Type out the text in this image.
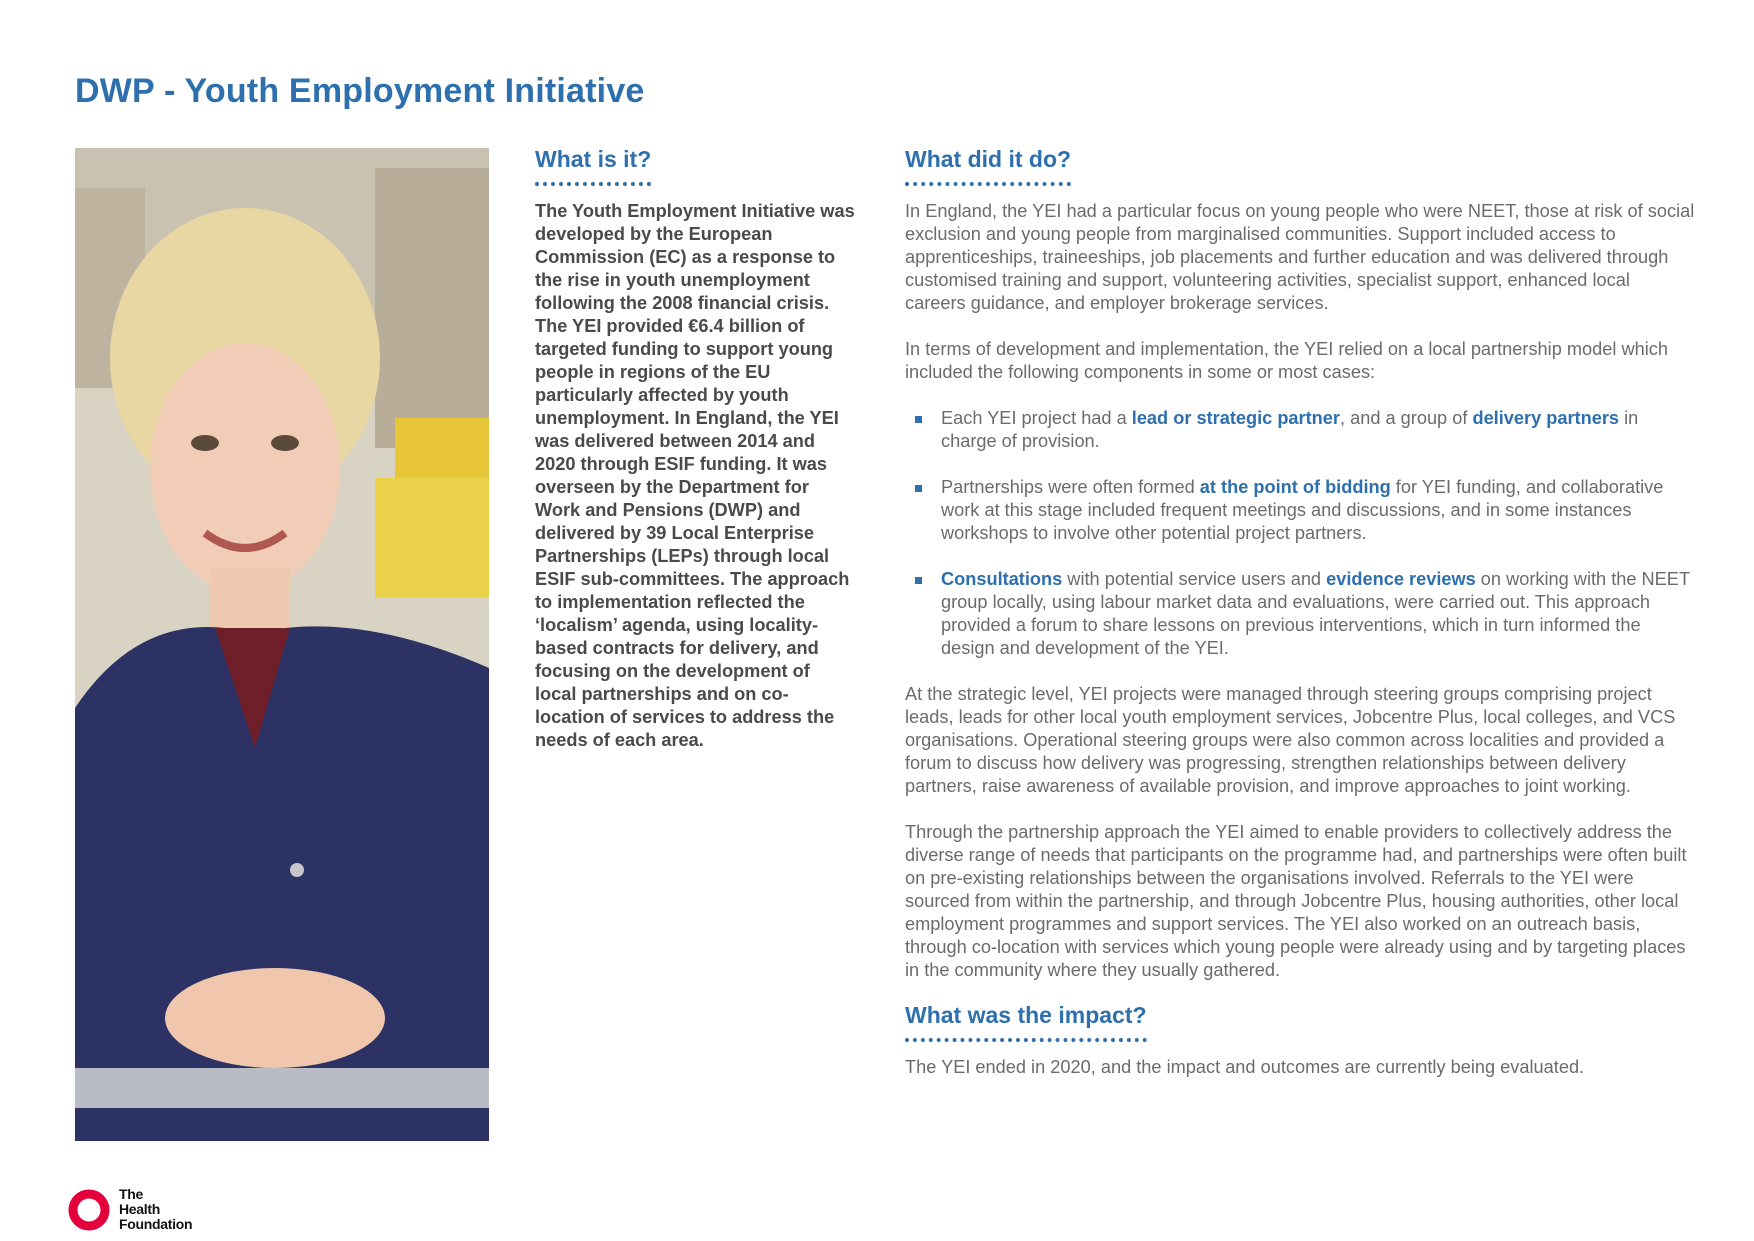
DWP - Youth Employment Initiative
What is it?

The Youth Employment Initiative was developed by the European Commission (EC) as a response to the rise in youth unemployment following the 2008 financial crisis. The YEI provided €6.4 billion of targeted funding to support young people in regions of the EU particularly affected by youth unemployment. In England, the YEI was delivered between 2014 and 2020 through ESIF funding. It was overseen by the Department for Work and Pensions (DWP) and delivered by 39 Local Enterprise Partnerships (LEPs) through local ESIF sub-committees. The approach to implementation reflected the ‘localism’ agenda, using locality-based contracts for delivery, and focusing on the development of local partnerships and on co-location of services to address the needs of each area.

What did it do?

In England, the YEI had a particular focus on young people who were NEET, those at risk of social exclusion and young people from marginalised communities. Support included access to apprenticeships, traineeships, job placements and further education and was delivered through customised training and support, volunteering activities, specialist support, enhanced local careers guidance, and employer brokerage services.

In terms of development and implementation, the YEI relied on a local partnership model which included the following components in some or most cases:

Each YEI project had a lead or strategic partner, and a group of delivery partners in charge of provision.
Partnerships were often formed at the point of bidding for YEI funding, and collaborative work at this stage included frequent meetings and discussions, and in some instances workshops to involve other potential project partners.
Consultations with potential service users and evidence reviews on working with the NEET group locally, using labour market data and evaluations, were carried out. This approach provided a forum to share lessons on previous interventions, which in turn informed the design and development of the YEI.

At the strategic level, YEI projects were managed through steering groups comprising project leads, leads for other local youth employment services, Jobcentre Plus, local colleges, and VCS organisations. Operational steering groups were also common across localities and provided a forum to discuss how delivery was progressing, strengthen relationships between delivery partners, raise awareness of available provision, and improve approaches to joint working.

Through the partnership approach the YEI aimed to enable providers to collectively address the diverse range of needs that participants on the programme had, and partnerships were often built on pre-existing relationships between the organisations involved. Referrals to the YEI were sourced from within the partnership, and through Jobcentre Plus, housing authorities, other local employment programmes and support services. The YEI also worked on an outreach basis, through co-location with services which young people were already using and by targeting places in the community where they usually gathered.

What was the impact?

The YEI ended in 2020, and the impact and outcomes are currently being evaluated.

The
Health
Foundation
